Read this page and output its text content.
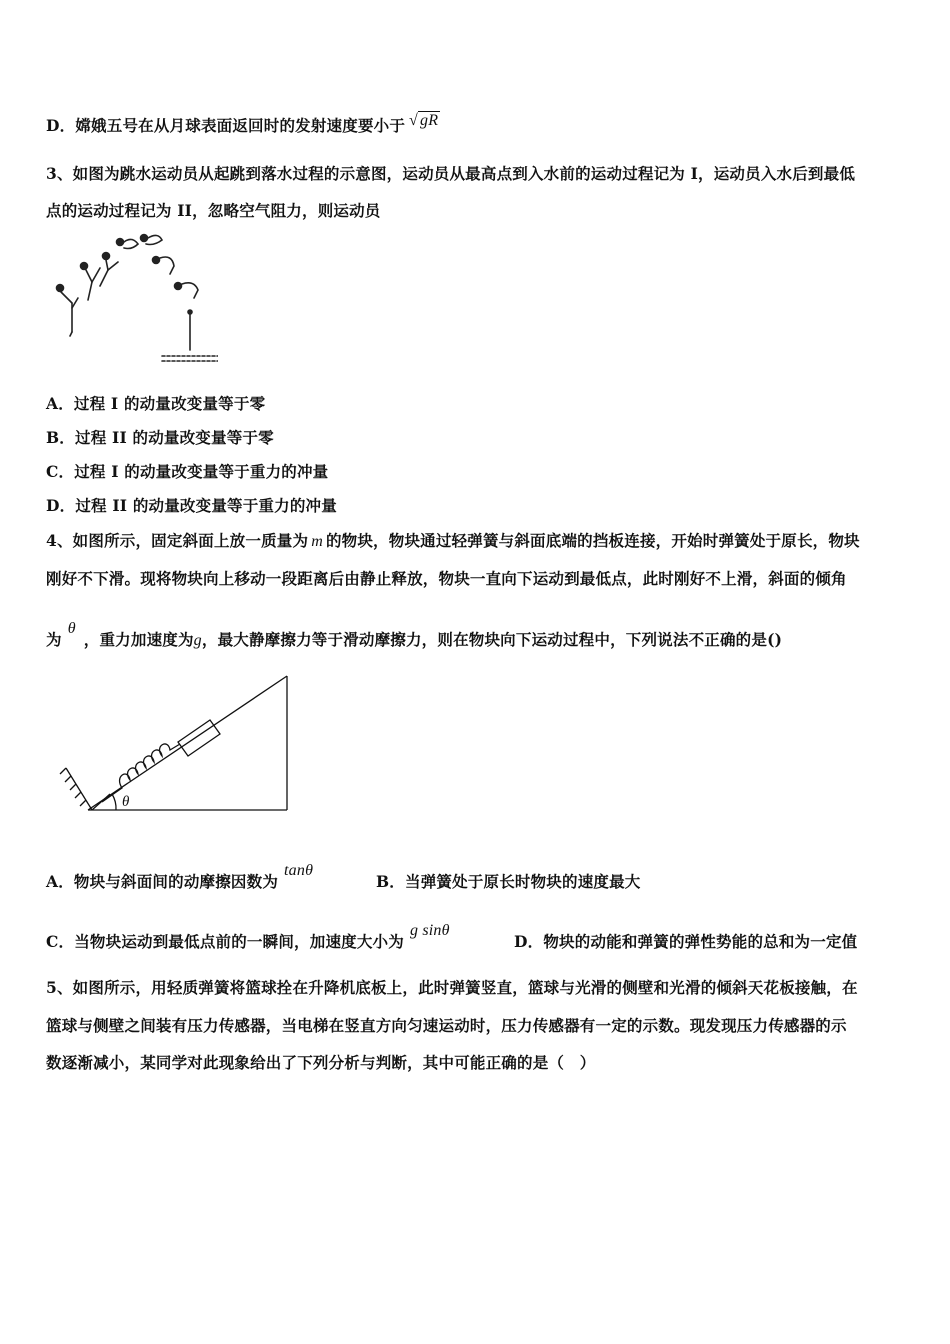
D．嫦娥五号在从月球表面返回时的发射速度要小于 √ gR
3、如图为跳水运动员从起跳到落水过程的示意图，运动员从最高点到入水前的运动过程记为 I，运动员入水后到最低
点的运动过程记为 II，忽略空气阻力，则运动员
A．过程 I 的动量改变量等于零
B．过程 II 的动量改变量等于零
C．过程 I 的动量改变量等于重力的冲量
D．过程 II 的动量改变量等于重力的冲量
4、如图所示，固定斜面上放一质量为 m 的物块，物块通过轻弹簧与斜面底端的挡板连接，开始时弹簧处于原长，物块
刚好不下滑。现将物块向上移动一段距离后由静止释放，物块一直向下运动到最低点，此时刚好不上滑，斜面的倾角
为θ，重力加速度为g，最大静摩擦力等于滑动摩擦力，则在物块向下运动过程中，下列说法不正确的是()
θ
A．物块与斜面间的动摩擦因数为tanθ
B．当弹簧处于原长时物块的速度最大
C．当物块运动到最低点前的一瞬间，加速度大小为g sinθ
D．物块的动能和弹簧的弹性势能的总和为一定值
5、如图所示，用轻质弹簧将篮球拴在升降机底板上，此时弹簧竖直，篮球与光滑的侧壁和光滑的倾斜天花板接触，在
篮球与侧壁之间装有压力传感器，当电梯在竖直方向匀速运动时，压力传感器有一定的示数。现发现压力传感器的示
数逐渐减小，某同学对此现象给出了下列分析与判断，其中可能正确的是（　）
